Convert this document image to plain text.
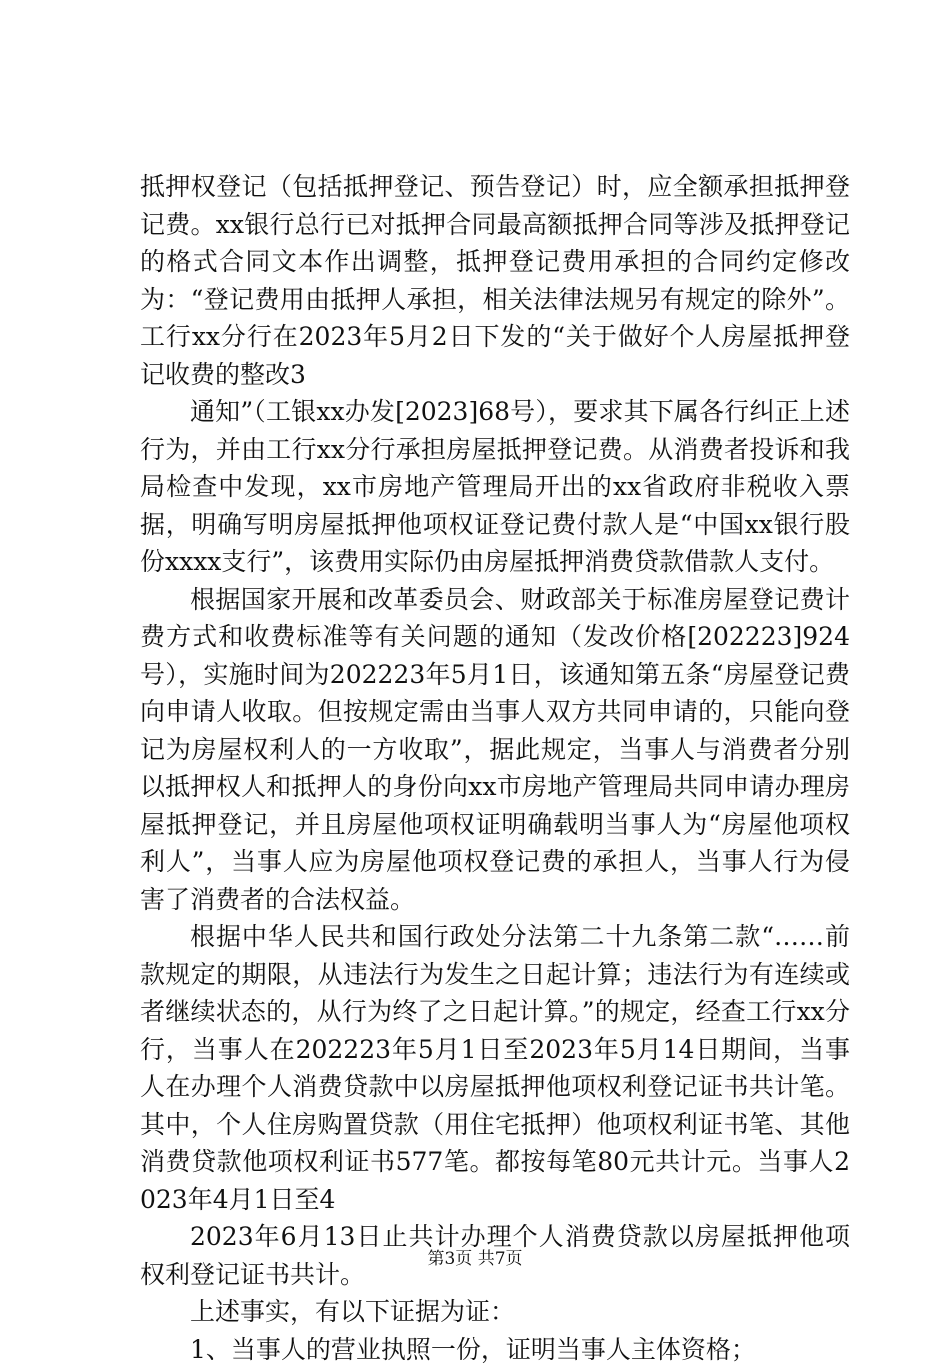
抵押权登记（包括抵押登记、预告登记）时，应全额承担抵押登记费。xx银行总行已对抵押合同最高额抵押合同等涉及抵押登记的格式合同文本作出调整，抵押登记费用承担的合同约定修改为：“登记费用由抵押人承担，相关法律法规另有规定的除外”。工行xx分行在2023年5月2日下发的“关于做好个人房屋抵押登记收费的整改3

通知”（工银xx办发[2023]68号），要求其下属各行纠正上述行为，并由工行xx分行承担房屋抵押登记费。从消费者投诉和我局检查中发现，xx市房地产管理局开出的xx省政府非税收入票据，明确写明房屋抵押他项权证登记费付款人是“中国xx银行股份xxxx支行”，该费用实际仍由房屋抵押消费贷款借款人支付。

根据国家开展和改革委员会、财政部关于标准房屋登记费计费方式和收费标准等有关问题的通知（发改价格[202223]924号），实施时间为202223年5月1日，该通知第五条“房屋登记费向申请人收取。但按规定需由当事人双方共同申请的，只能向登记为房屋权利人的一方收取”，据此规定，当事人与消费者分别以抵押权人和抵押人的身份向xx市房地产管理局共同申请办理房屋抵押登记，并且房屋他项权证明确载明当事人为“房屋他项权利人”，当事人应为房屋他项权登记费的承担人，当事人行为侵害了消费者的合法权益。

根据中华人民共和国行政处分法第二十九条第二款“……前款规定的期限，从违法行为发生之日起计算；违法行为有连续或者继续状态的，从行为终了之日起计算。”的规定，经查工行xx分行，当事人在202223年5月1日至2023年5月14日期间，当事人在办理个人消费贷款中以房屋抵押他项权利登记证书共计笔。其中，个人住房购置贷款（用住宅抵押）他项权利证书笔、其他消费贷款他项权利证书577笔。都按每笔80元共计元。当事人2023年4月1日至4

2023年6月13日止共计办理个人消费贷款以房屋抵押他项权利登记证书共计。

上述事实，有以下证据为证：

1、当事人的营业执照一份，证明当事人主体资格；

第3页 共7页
